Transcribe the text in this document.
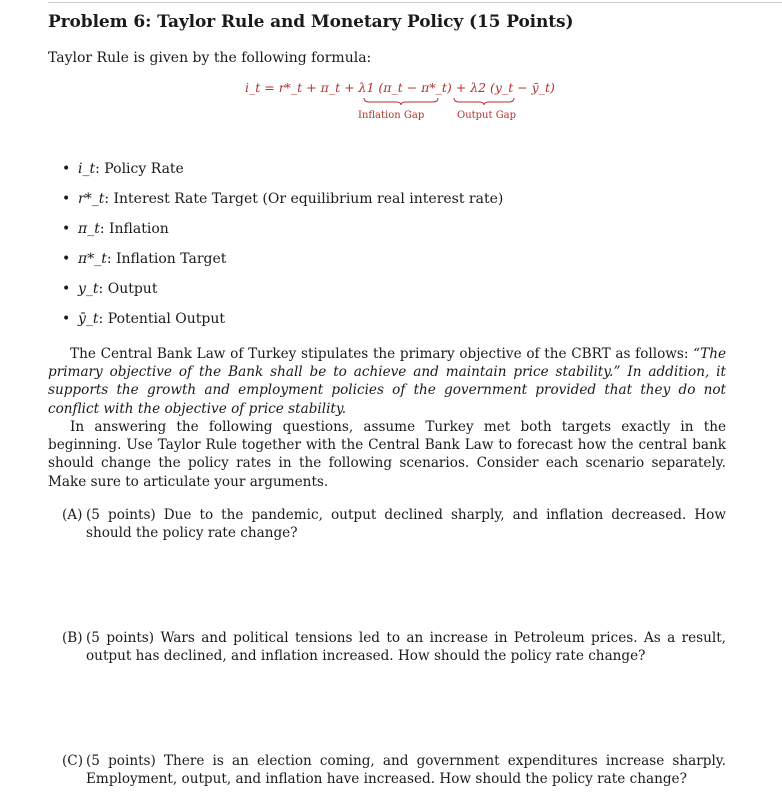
Problem 6: Taylor Rule and Monetary Policy (15 Points)
Taylor Rule is given by the following formula:
i_t = r*_t + π_t + λ1 (π_t − π*_t) + λ2 (y_t − ȳ_t)
Inflation Gap	Output Gap
• i_t: Policy Rate
• r*_t: Interest Rate Target (Or equilibrium real interest rate)
• π_t: Inflation
• π*_t: Inflation Target
• y_t: Output
• ȳ_t: Potential Output

The Central Bank Law of Turkey stipulates the primary objective of the CBRT as follows: “The primary objective of the Bank shall be to achieve and maintain price stability.” In addition, it supports the growth and employment policies of the government provided that they do not conflict with the objective of price stability.

In answering the following questions, assume Turkey met both targets exactly in the beginning. Use Taylor Rule together with the Central Bank Law to forecast how the central bank should change the policy rates in the following scenarios. Consider each scenario separately. Make sure to articulate your arguments.

(A) (5 points) Due to the pandemic, output declined sharply, and inflation decreased. How should the policy rate change?
(B) (5 points) Wars and political tensions led to an increase in Petroleum prices. As a result, output has declined, and inflation increased. How should the policy rate change?
(C) (5 points) There is an election coming, and government expenditures increase sharply. Employment, output, and inflation have increased. How should the policy rate change?
